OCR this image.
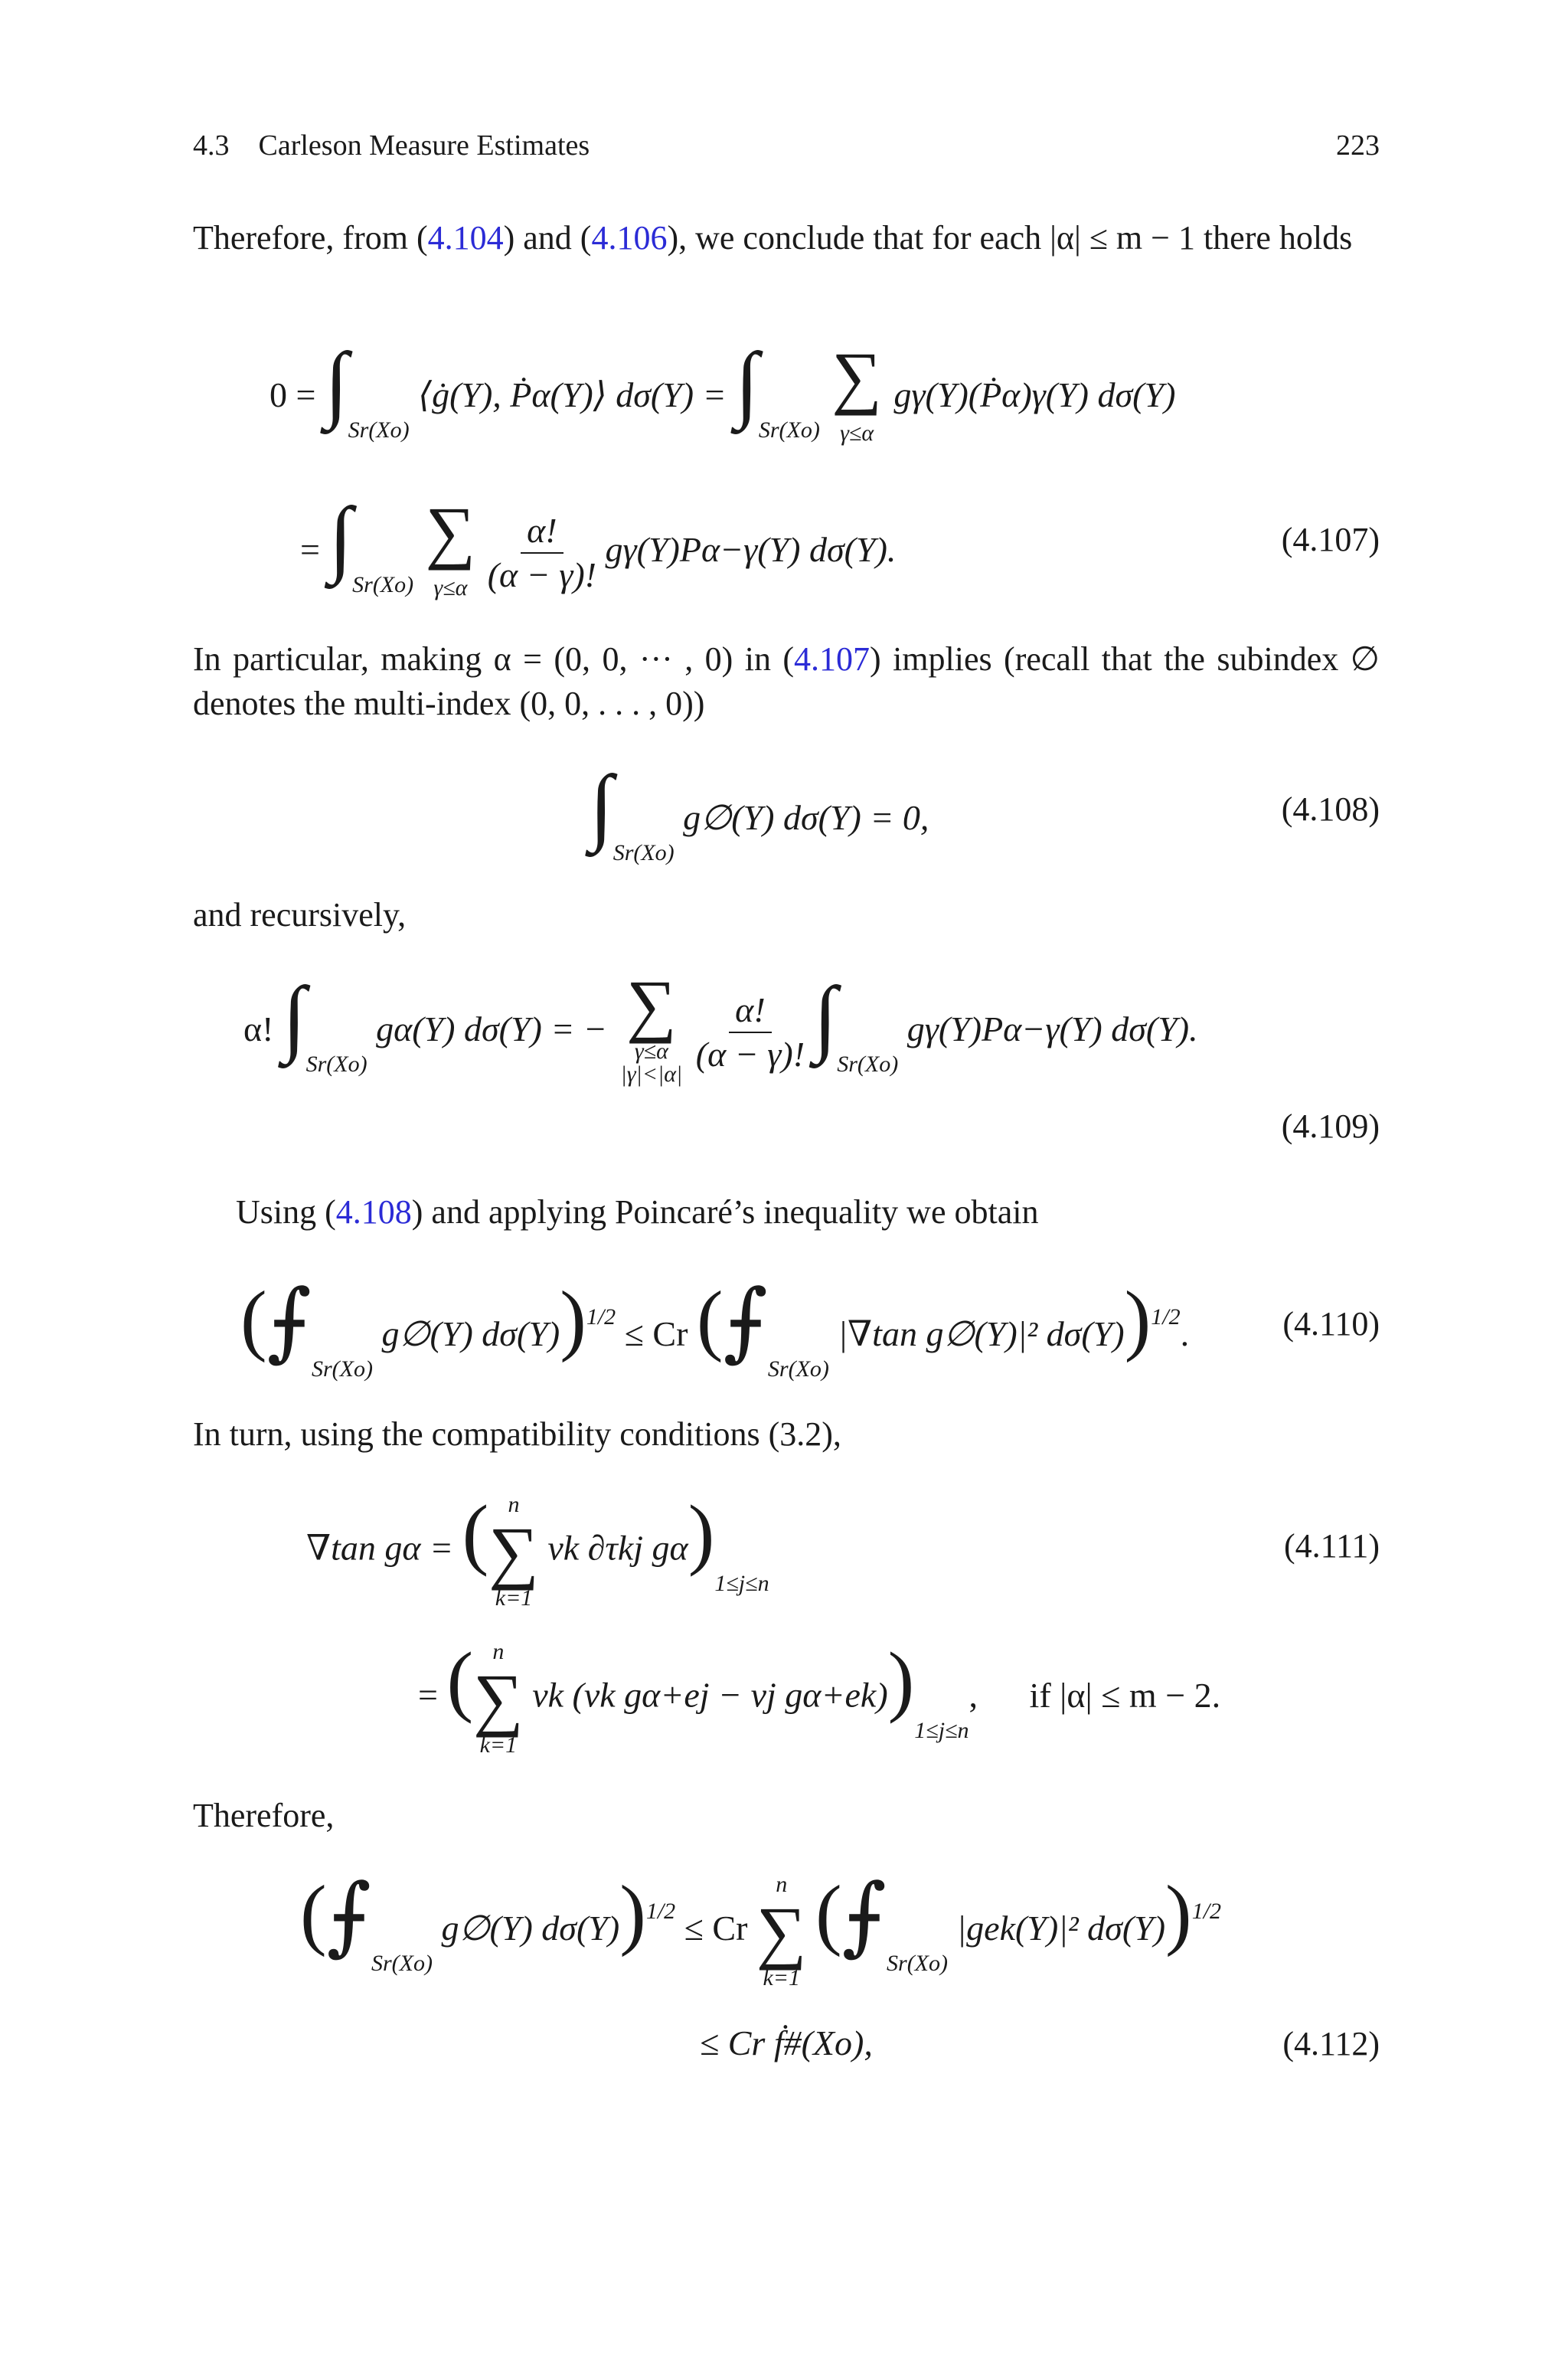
4.3 Carleson Measure Estimates	223
Therefore, from (4.104) and (4.106), we conclude that for each |α| ≤ m − 1 there holds
$0 = \int_{Sr(Xo)}$ ⟨ġ(Y), Ṗα(Y)⟩ $d\sigma(Y) = \int_{Sr(Xo)}$
∑
γ≤α
gγ(Y)(Ṗα)γ(Y) dσ(Y)
= $\int_{Sr(Xo)}$
∑
γ≤α
$\frac{\alpha!}{(\alpha - \gamma)!} g\gamma(Y)P\alpha-\gamma(Y)$ dσ(Y).	(4.107)
In particular, making α = (0, 0, ··· , 0) in (4.107) implies (recall that the subindex ∅ denotes the multi-index (0, 0, . . . , 0))
$\int_{Sr(Xo)}$ g∅(Y) dσ(Y) = 0,	(4.108)
and recursively,
α! $\int_{Sr(Xo)}$ gα(Y) dσ(Y) = − ∑
γ≤α
|γ|<|α|
$\frac{\alpha!}{(\alpha - \gamma)!} \int_{Sr(Xo)}$ gγ(Y)Pα−γ(Y) dσ(Y).
(4.109)
Using (4.108) and applying Poincaré’s inequality we obtain
($⨍_{Sr(Xo)}$ g∅(Y) dσ(Y))$^{1/2}$ ≤ Cr ($⨍_{Sr(Xo)}$ |∇tan g∅(Y)|² dσ(Y))$^{1/2}$.	(4.110)
In turn, using the compatibility conditions (3.2),
∇tan gα = ( n
∑
k=1
νk ∂τkj $g\alpha)_{1\le j\le n}$
(4.111)
= ( n
∑
k=1
νk (νk gα+ej − νj $g\alpha+ek))_{1\le j\le n}$, if |α| ≤ m − 2.
Therefore,
($⨍_{Sr(Xo)}$ g∅(Y) dσ(Y))$^{1/2}$ ≤ Cr
n
∑
k=1
($⨍_{Sr(Xo)}$ |gek(Y)|² dσ(Y))$^{1/2}$
≤ Cr ḟ#(Xo),	(4.112)
